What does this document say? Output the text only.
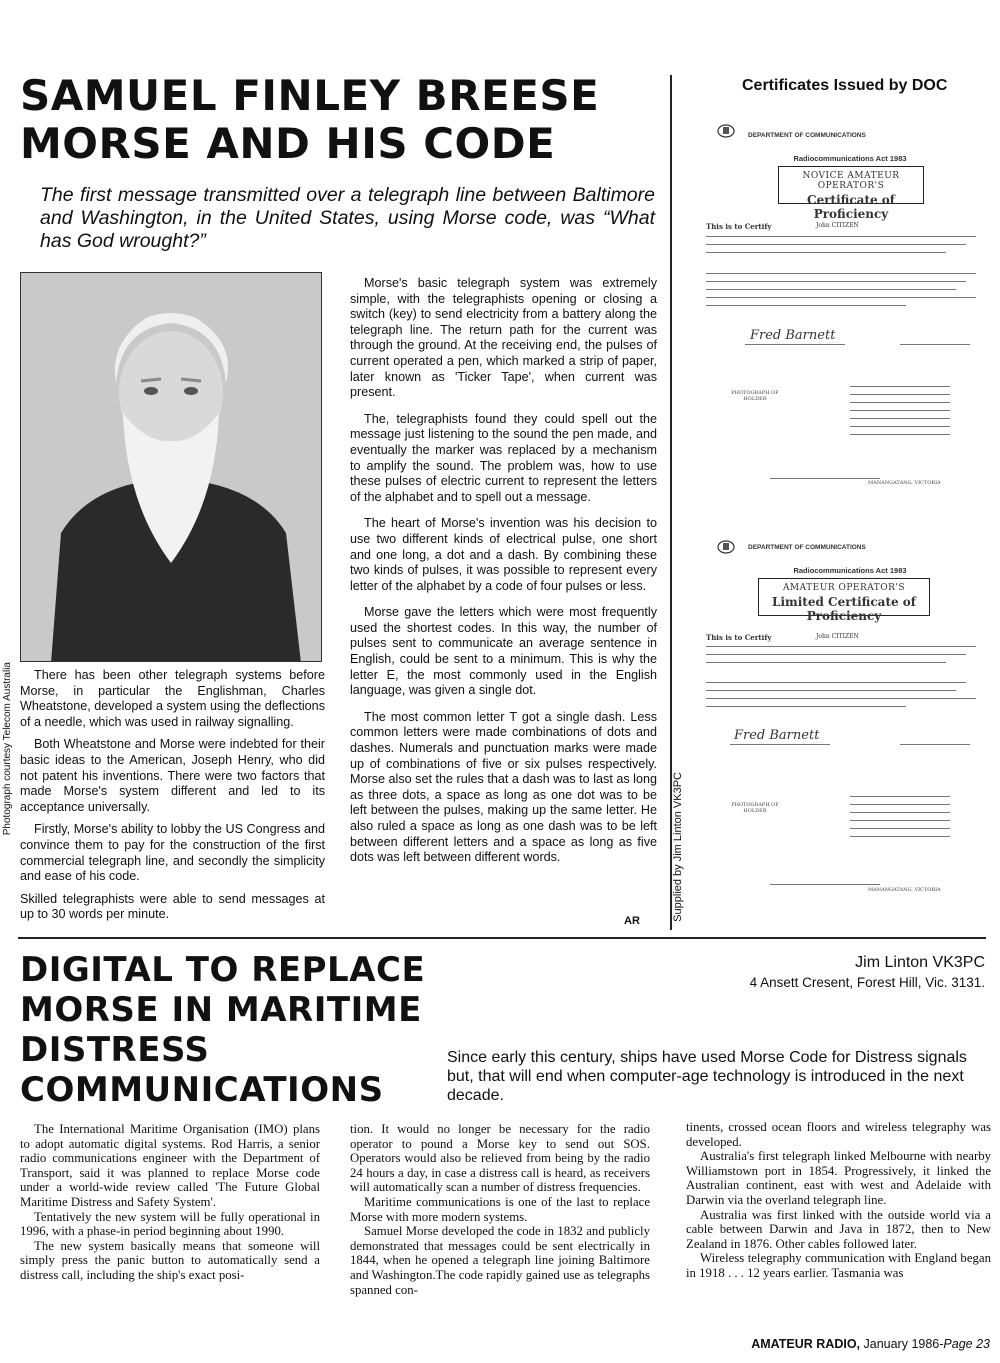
SAMUEL FINLEY BREESE
MORSE AND HIS CODE
The first message transmitted over a telegraph line between Baltimore and Washington, in the United States, using Morse code, was “What has God wrought?”
Photograph courtesy Telecom Australia	There has been other telegraph systems before Morse, in particular the Englishman, Charles Wheatstone, developed a system using the deflections of a needle, which was used in railway signalling.

Both Wheatstone and Morse were indebted for their basic ideas to the American, Joseph Henry, who did not patent his inventions. There were two factors that made Morse's system different and led to its acceptance universally.

Firstly, Morse's ability to lobby the US Congress and convince them to pay for the construction of the first commercial telegraph line, and secondly the simplicity and ease of his code.

Skilled telegraphists were able to send messages at up to 30 words per minute.

Morse's basic telegraph system was extremely simple, with the telegraphists opening or closing a switch (key) to send electricity from a battery along the telegraph line. The return path for the current was through the ground. At the receiving end, the pulses of current operated a pen, which marked a strip of paper, later known as 'Ticker Tape', when current was present.

The, telegraphists found they could spell out the message just listening to the sound the pen made, and eventually the marker was replaced by a mechanism to amplify the sound. The problem was, how to use these pulses of electric current to represent the letters of the alphabet and to spell out a message.

The heart of Morse's invention was his decision to use two different kinds of electrical pulse, one short and one long, a dot and a dash. By combining these two kinds of pulses, it was possible to represent every letter of the alphabet by a code of four pulses or less.

Morse gave the letters which were most frequently used the shortest codes. In this way, the number of pulses sent to communicate an average sentence in English, could be sent to a minimum. This is why the letter E, the most commonly used in the English language, was given a single dot.

The most common letter T got a single dash. Less common letters were made combinations of dots and dashes. Numerals and punctuation marks were made up of combinations of five or six pulses respectively. Morse also set the rules that a dash was to last as long as three dots, a space as long as one dot was to be left between the pulses, making up the same letter. He also ruled a space as long as one dash was to be left between different letters and a space as long as five dots was left between different words.

AR	Supplied by Jim Linton VK3PC
Certificates Issued by DOC
DEPARTMENT OF COMMUNICATIONS
Radiocommunications Act 1983
NOVICE AMATEUR OPERATOR'S
Certificate of Proficiency
This is to Certify	John CITIZEN
Fred Barnett
PHOTOGRAPH OF HOLDER
MANANGATANG, VICTORIA
DEPARTMENT OF COMMUNICATIONS
Radiocommunications Act 1983
AMATEUR OPERATOR'S
Limited Certificate of Proficiency
This is to Certify	John CITIZEN
Fred Barnett
PHOTOGRAPH OF HOLDER
MANANGATANG, VICTORIA
DIGITAL TO REPLACE
MORSE IN MARITIME
DISTRESS
COMMUNICATIONS
Jim Linton VK3PC
4 Ansett Cresent, Forest Hill, Vic. 3131.
Since early this century, ships have used Morse Code for Distress signals but, that will end when computer-age technology is introduced in the next decade.

The International Maritime Organisation (IMO) plans to adopt automatic digital systems. Rod Harris, a senior radio communications engineer with the Department of Transport, said it was planned to replace Morse code under a world-wide review called 'The Future Global Maritime Distress and Safety System'.

Tentatively the new system will be fully operational in 1996, with a phase-in period beginning about 1990.

The new system basically means that someone will simply press the panic button to automatically send a distress call, including the ship's exact posi-

tion. It would no longer be necessary for the radio operator to pound a Morse key to send out SOS. Operators would also be relieved from being by the radio 24 hours a day, in case a distress call is heard, as receivers will automatically scan a number of distress frequencies.

Maritime communications is one of the last to replace Morse with more modern systems.

Samuel Morse developed the code in 1832 and publicly demonstrated that messages could be sent electrically in 1844, when he opened a telegraph line joining Baltimore and Washington.The code rapidly gained use as telegraphs spanned con-

tinents, crossed ocean floors and wireless telegraphy was developed.

Australia's first telegraph linked Melbourne with nearby Williamstown port in 1854. Progressively, it linked the Australian continent, east with west and Adelaide with Darwin via the overland telegraph line.

Australia was first linked with the outside world via a cable between Darwin and Java in 1872, then to New Zealand in 1876. Other cables followed later.

Wireless telegraphy communication with England began in 1918 . . . 12 years earlier. Tasmania was

AMATEUR RADIO, January 1986-Page 23
